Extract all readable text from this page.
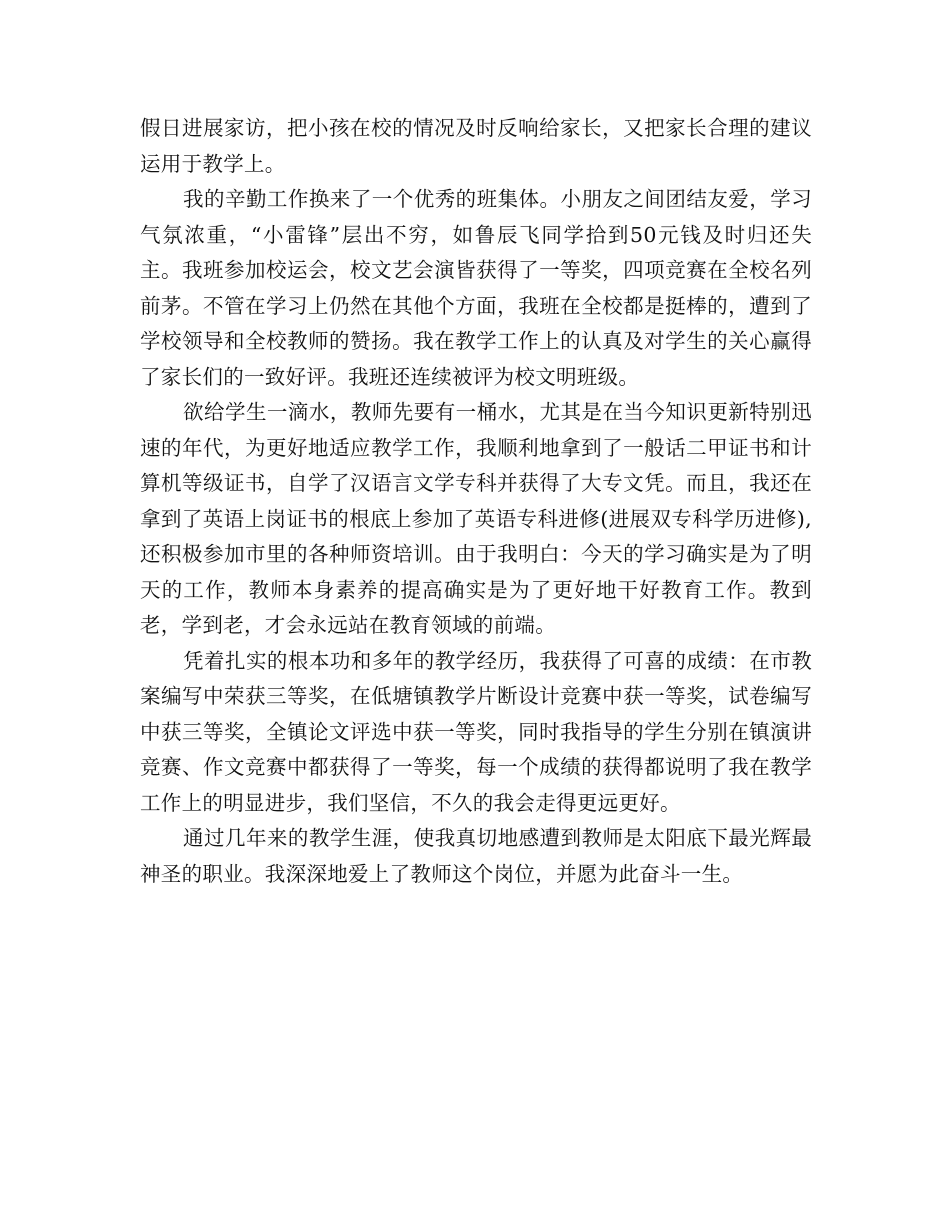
假日进展家访，把小孩在校的情况及时反响给家长，又把家长合理的建议运用于教学上。

我的辛勤工作换来了一个优秀的班集体。小朋友之间团结友爱，学习气氛浓重，“小雷锋”层出不穷，如鲁辰飞同学拾到50元钱及时归还失主。我班参加校运会，校文艺会演皆获得了一等奖，四项竞赛在全校名列前茅。不管在学习上仍然在其他个方面，我班在全校都是挺棒的，遭到了学校领导和全校教师的赞扬。我在教学工作上的认真及对学生的关心赢得了家长们的一致好评。我班还连续被评为校文明班级。

欲给学生一滴水，教师先要有一桶水，尤其是在当今知识更新特别迅速的年代，为更好地适应教学工作，我顺利地拿到了一般话二甲证书和计算机等级证书，自学了汉语言文学专科并获得了大专文凭。而且，我还在拿到了英语上岗证书的根底上参加了英语专科进修(进展双专科学历进修),还积极参加市里的各种师资培训。由于我明白：今天的学习确实是为了明天的工作，教师本身素养的提高确实是为了更好地干好教育工作。教到老，学到老，才会永远站在教育领域的前端。

凭着扎实的根本功和多年的教学经历，我获得了可喜的成绩：在市教案编写中荣获三等奖，在低塘镇教学片断设计竞赛中获一等奖，试卷编写中获三等奖，全镇论文评选中获一等奖，同时我指导的学生分别在镇演讲竞赛、作文竞赛中都获得了一等奖，每一个成绩的获得都说明了我在教学工作上的明显进步，我们坚信，不久的我会走得更远更好。

通过几年来的教学生涯，使我真切地感遭到教师是太阳底下最光辉最神圣的职业。我深深地爱上了教师这个岗位，并愿为此奋斗一生。
